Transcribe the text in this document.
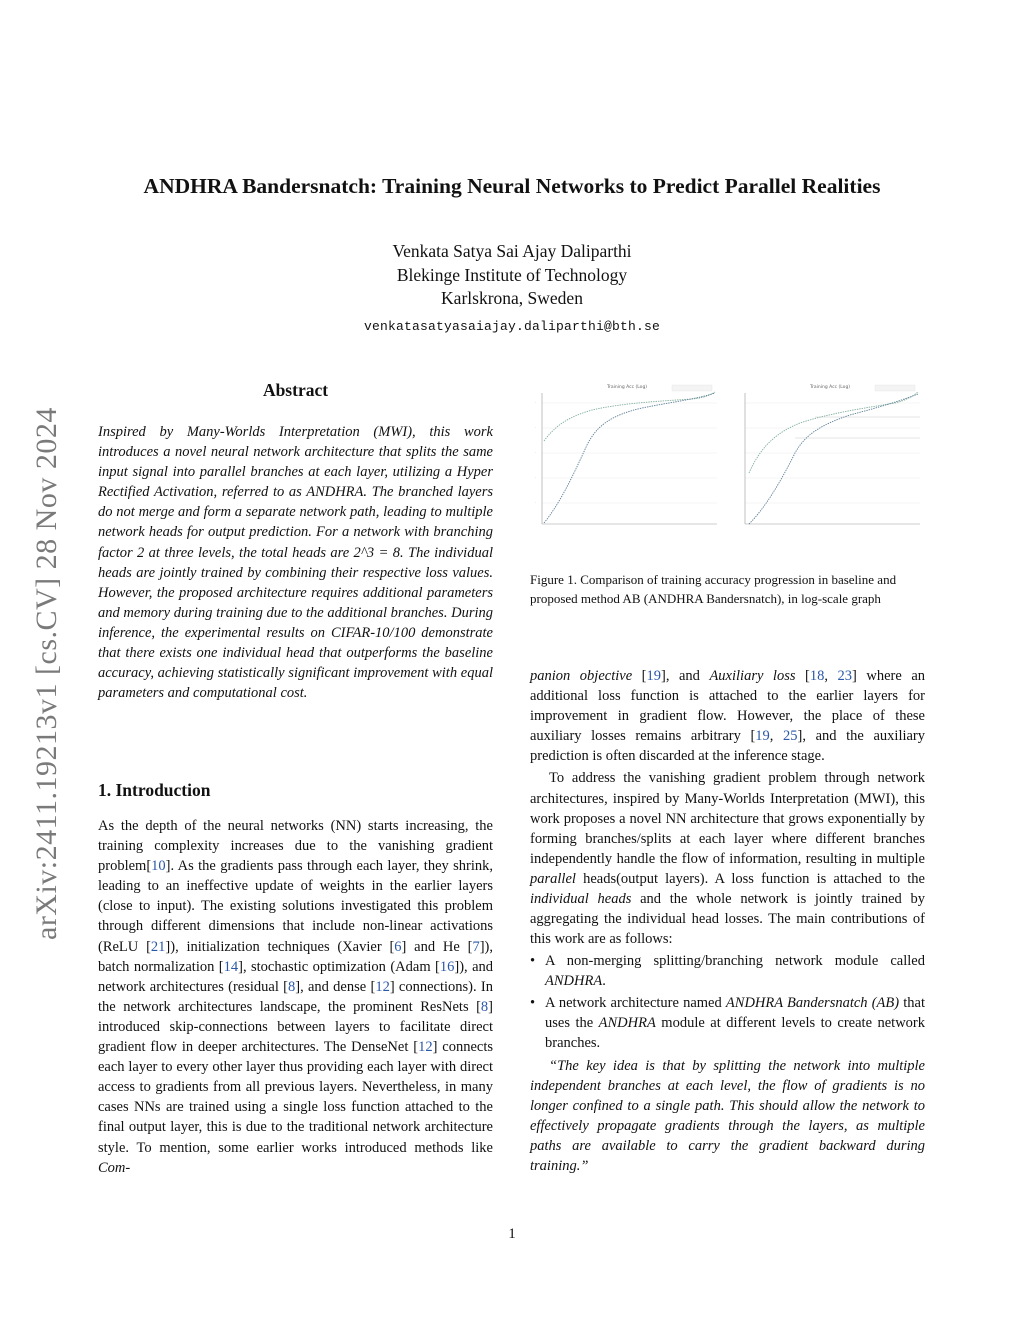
arXiv:2411.19213v1 [cs.CV] 28 Nov 2024
ANDHRA Bandersnatch: Training Neural Networks to Predict Parallel Realities
Venkata Satya Sai Ajay Daliparthi
Blekinge Institute of Technology
Karlskrona, Sweden
venkatasatyasaiajay.daliparthi@bth.se
Abstract

Inspired by Many-Worlds Interpretation (MWI), this work introduces a novel neural network architecture that splits the same input signal into parallel branches at each layer, utilizing a Hyper Rectified Activation, referred to as ANDHRA. The branched layers do not merge and form a separate network path, leading to multiple network heads for output prediction. For a network with branching factor 2 at three levels, the total heads are 2^3 = 8. The individual heads are jointly trained by combining their respective loss values. However, the proposed architecture requires additional parameters and memory during training due to the additional branches. During inference, the experimental results on CIFAR-10/100 demonstrate that there exists one individual head that outperforms the baseline accuracy, achieving statistically significant improvement with equal parameters and computational cost.

1. Introduction

As the depth of the neural networks (NN) starts increasing, the training complexity increases due to the vanishing gradient problem[10]. As the gradients pass through each layer, they shrink, leading to an ineffective update of weights in the earlier layers (close to input). The existing solutions investigated this problem through different dimensions that include non-linear activations (ReLU [21]), initialization techniques (Xavier [6] and He [7]), batch normalization [14], stochastic optimization (Adam [16]), and network architectures (residual [8], and dense [12] connections). In the network architectures landscape, the prominent ResNets [8] introduced skip-connections between layers to facilitate direct gradient flow in deeper architectures. The DenseNet [12] connects each layer to every other layer thus providing each layer with direct access to gradients from all previous layers. Nevertheless, in many cases NNs are trained using a single loss function attached to the final output layer, this is due to the traditional network architecture style. To mention, some earlier works introduced methods like Com-

Training Acc (Log)
·
·
·
·
·
Training Acc (Log)
Figure 1. Comparison of training accuracy progression in baseline and proposed method AB (ANDHRA Bandersnatch), in log-scale graph

panion objective [19], and Auxiliary loss [18, 23] where an additional loss function is attached to the earlier layers for improvement in gradient flow. However, the place of these auxiliary losses remains arbitrary [19, 25], and the auxiliary prediction is often discarded at the inference stage.

To address the vanishing gradient problem through network architectures, inspired by Many-Worlds Interpretation (MWI), this work proposes a novel NN architecture that grows exponentially by forming branches/splits at each layer where different branches independently handle the flow of information, resulting in multiple parallel heads(output layers). A loss function is attached to the individual heads and the whole network is jointly trained by aggregating the individual head losses. The main contributions of this work are as follows:

• A non-merging splitting/branching network module called ANDHRA.
• A network architecture named ANDHRA Bandersnatch (AB) that uses the ANDHRA module at different levels to create network branches.

“The key idea is that by splitting the network into multiple independent branches at each level, the flow of gradients is no longer confined to a single path. This should allow the network to effectively propagate gradients through the layers, as multiple paths are available to carry the gradient backward during training.”

1
